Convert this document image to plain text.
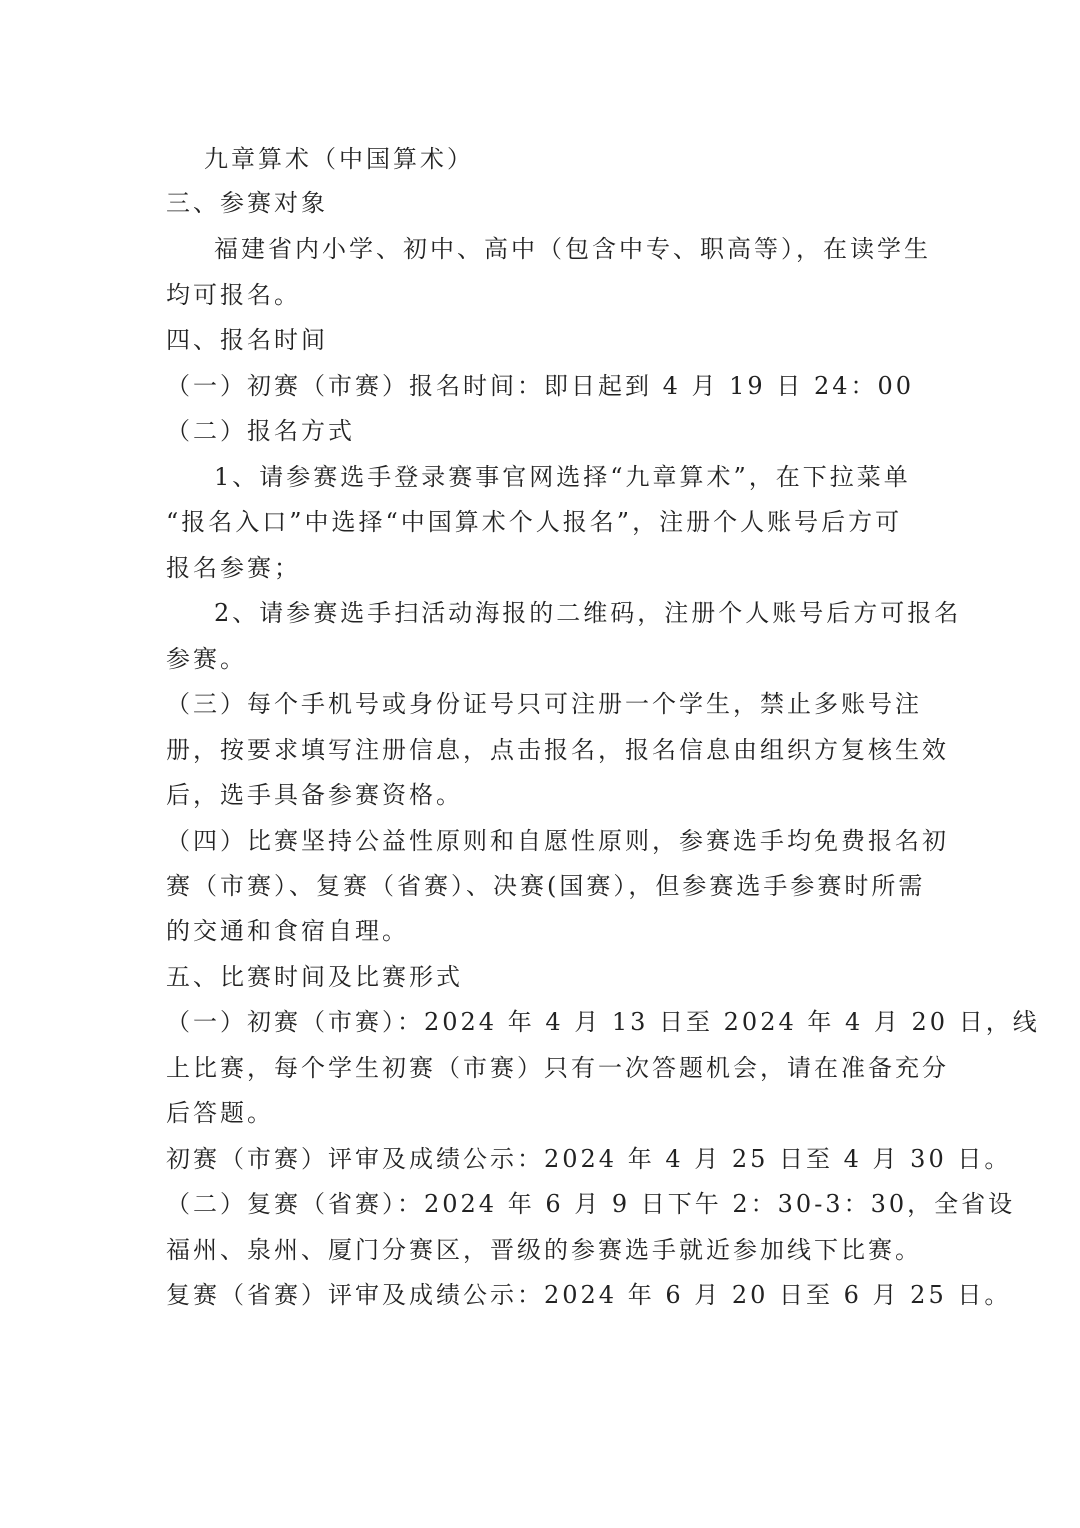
九章算术（中国算术）

三、参赛对象

福建省内小学、初中、高中（包含中专、职高等），在读学生

均可报名。

四、报名时间

（一）初赛（市赛）报名时间：即日起到 4 月 19 日 24：00

（二）报名方式

1、请参赛选手登录赛事官网选择“九章算术”，在下拉菜单

“报名入口”中选择“中国算术个人报名”，注册个人账号后方可

报名参赛；

2、请参赛选手扫活动海报的二维码，注册个人账号后方可报名

参赛。

（三）每个手机号或身份证号只可注册一个学生，禁止多账号注

册，按要求填写注册信息，点击报名，报名信息由组织方复核生效

后，选手具备参赛资格。

（四）比赛坚持公益性原则和自愿性原则，参赛选手均免费报名初

赛（市赛）、复赛（省赛）、决赛(国赛），但参赛选手参赛时所需

的交通和食宿自理。

五、比赛时间及比赛形式

（一）初赛（市赛）：2024 年 4 月 13 日至 2024 年 4 月 20 日，线

上比赛，每个学生初赛（市赛）只有一次答题机会，请在准备充分

后答题。

初赛（市赛）评审及成绩公示：2024 年 4 月 25 日至 4 月 30 日。

（二）复赛（省赛）：2024 年 6 月 9 日下午 2：30-3：30，全省设

福州、泉州、厦门分赛区，晋级的参赛选手就近参加线下比赛。

复赛（省赛）评审及成绩公示：2024 年 6 月 20 日至 6 月 25 日。
